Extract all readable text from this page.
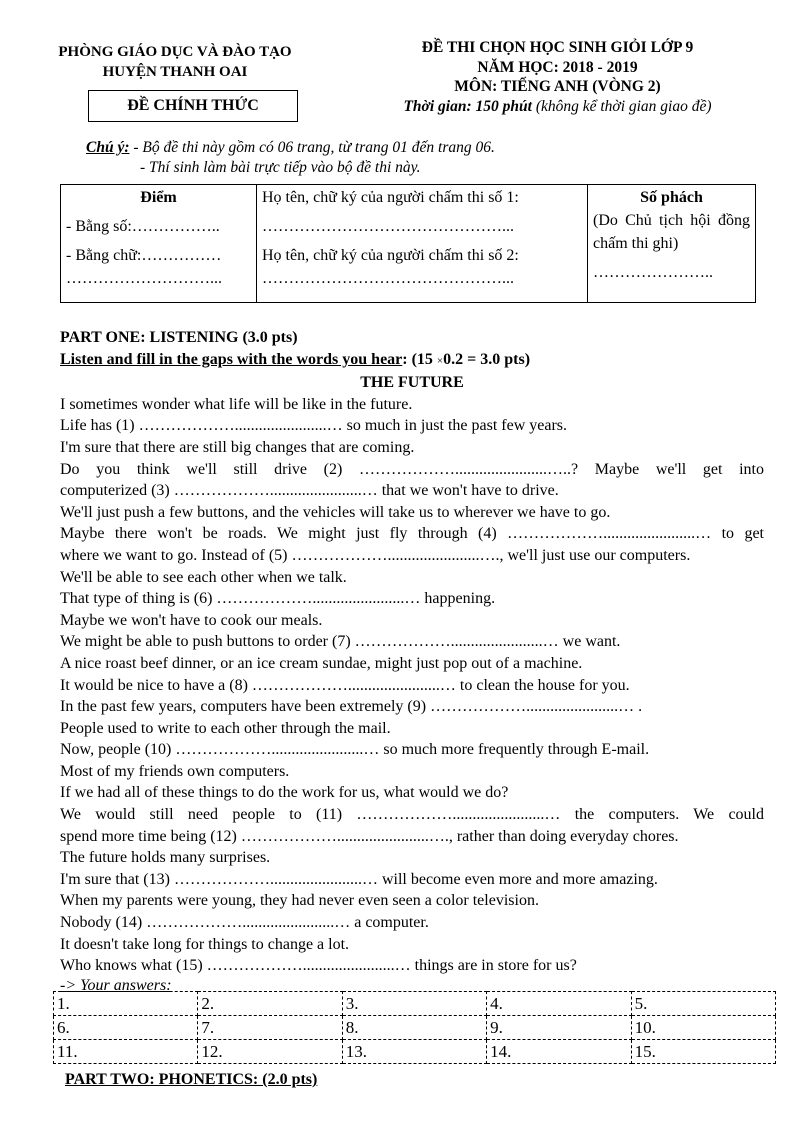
PHÒNG GIÁO DỤC VÀ ĐÀO TẠO
HUYỆN THANH OAI
ĐỀ CHÍNH THỨC
ĐỀ THI CHỌN HỌC SINH GIỎI LỚP 9
NĂM HỌC: 2018 - 2019
MÔN: TIẾNG ANH (VÒNG 2)
Thời gian: 150 phút (không kể thời gian giao đề)
Chú ý: - Bộ đề thi này gồm có 06 trang, từ trang 01 đến trang 06.
- Thí sinh làm bài trực tiếp vào bộ đề thi này.
Điểm
- Bằng số:……………..
- Bằng chữ:……………
………………………...

Họ tên, chữ ký của người chấm thi số 1:
………………………………………...
Họ tên, chữ ký của người chấm thi số 2:
………………………………………...

Số phách
(Do Chủ tịch hội đồng chấm thi ghi)
…………………..
PART ONE: LISTENING (3.0 pts)
Listen and fill in the gaps with the words you hear: (15 ×0.2 = 3.0 pts)
THE FUTURE
I sometimes wonder what life will be like in the future.
Life has (1) ……………….......................… so much in just the past few years.
I'm sure that there are still big changes that are coming.
Do you think we'll still drive (2) ……………….......................…..? Maybe we'll get into
computerized (3) ……………….......................… that we won't have to drive.
We'll just push a few buttons, and the vehicles will take us to wherever we have to go.
Maybe there won't be roads. We might just fly through (4) ……………….......................… to get
where we want to go. Instead of (5) ……………….......................…., we'll just use our computers.
We'll be able to see each other when we talk.
That type of thing is (6) ……………….......................… happening.
Maybe we won't have to cook our meals.
We might be able to push buttons to order (7) ……………….......................… we want.
A nice roast beef dinner, or an ice cream sundae, might just pop out of a machine.
It would be nice to have a (8) ……………….......................… to clean the house for you.
In the past few years, computers have been extremely (9) ……………….......................… .
People used to write to each other through the mail.
Now, people (10) ……………….......................… so much more frequently through E-mail.
Most of my friends own computers.
If we had all of these things to do the work for us, what would we do?
We would still need people to (11) ……………….......................… the computers. We could
spend more time being (12) ……………….......................…., rather than doing everyday chores.
The future holds many surprises.
I'm sure that (13) ……………….......................… will become even more and more amazing.
When my parents were young, they had never even seen a color television.
Nobody (14) ……………….......................… a computer.
It doesn't take long for things to change a lot.
Who knows what (15) ……………….......................… things are in store for us?
-> Your answers:
1.	2.	3.	4.	5.
6.	7.	8.	9.	10.
11.	12.	13.	14.	15.
PART TWO: PHONETICS: (2.0 pts)
